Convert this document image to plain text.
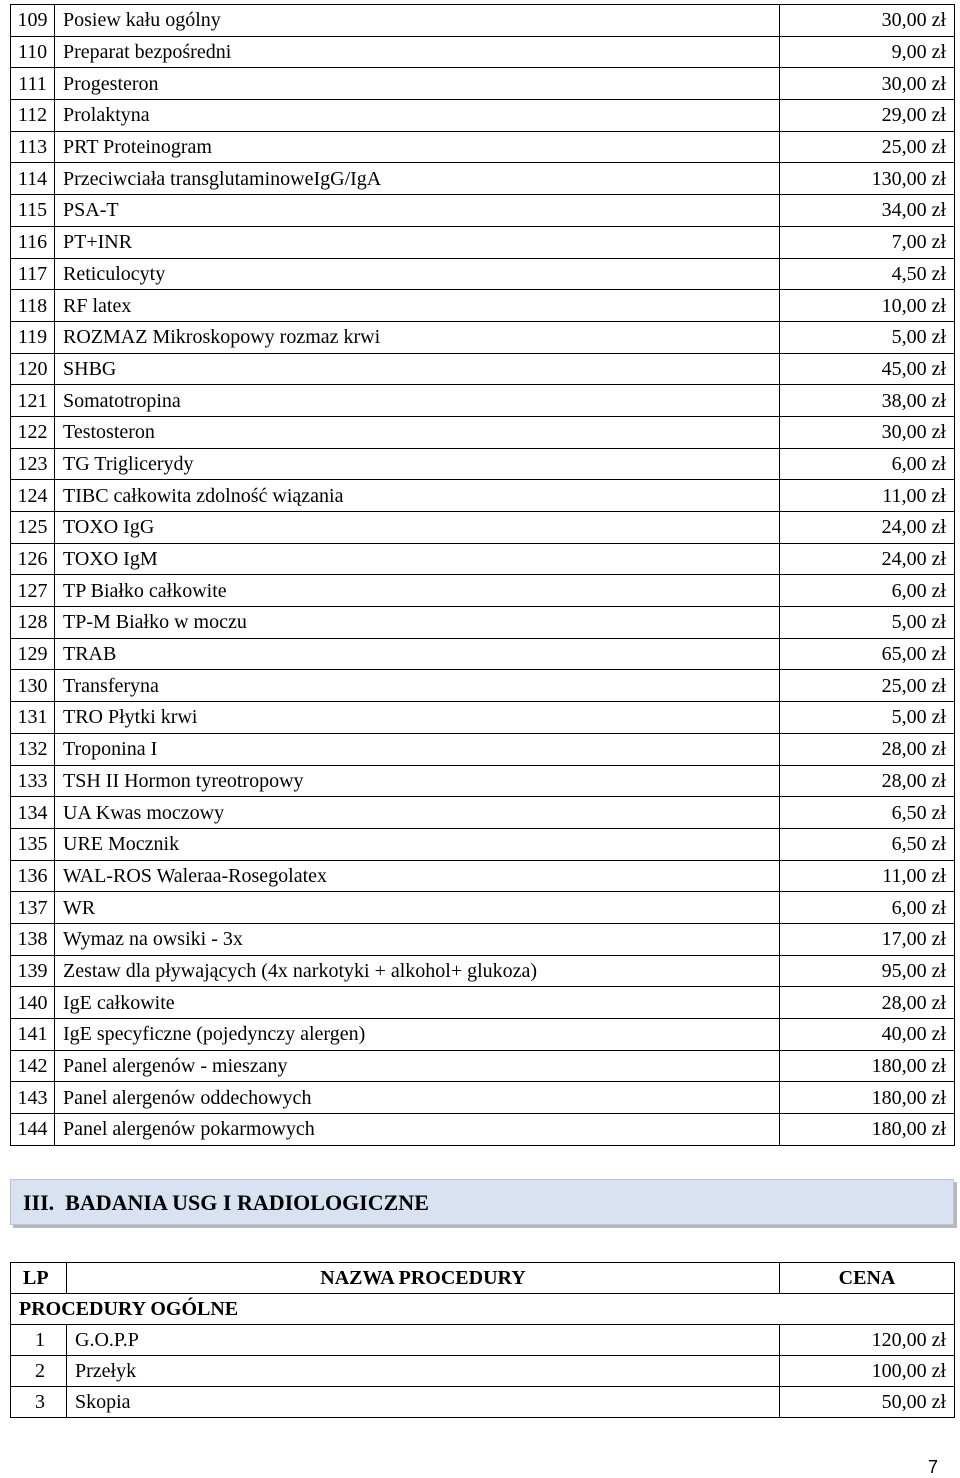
109	Posiew kału ogólny	30,00 zł
110	Preparat bezpośredni	9,00 zł
111	Progesteron	30,00 zł
112	Prolaktyna	29,00 zł
113	PRT Proteinogram	25,00 zł
114	Przeciwciała transglutaminoweIgG/IgA	130,00 zł
115	PSA-T	34,00 zł
116	PT+INR	7,00 zł
117	Reticulocyty	4,50 zł
118	RF latex	10,00 zł
119	ROZMAZ Mikroskopowy rozmaz krwi	5,00 zł
120	SHBG	45,00 zł
121	Somatotropina	38,00 zł
122	Testosteron	30,00 zł
123	TG Triglicerydy	6,00 zł
124	TIBC całkowita zdolność wiązania	11,00 zł
125	TOXO IgG	24,00 zł
126	TOXO IgM	24,00 zł
127	TP Białko całkowite	6,00 zł
128	TP-M Białko w moczu	5,00 zł
129	TRAB	65,00 zł
130	Transferyna	25,00 zł
131	TRO Płytki krwi	5,00 zł
132	Troponina I	28,00 zł
133	TSH II Hormon tyreotropowy	28,00 zł
134	UA Kwas moczowy	6,50 zł
135	URE Mocznik	6,50 zł
136	WAL-ROS Waleraa-Rosegolatex	11,00 zł
137	WR	6,00 zł
138	Wymaz na owsiki - 3x	17,00 zł
139	Zestaw dla pływających (4x narkotyki + alkohol+ glukoza)	95,00 zł
140	IgE całkowite	28,00 zł
141	IgE specyficzne (pojedynczy alergen)	40,00 zł
142	Panel alergenów - mieszany	180,00 zł
143	Panel alergenów oddechowych	180,00 zł
144	Panel alergenów pokarmowych	180,00 zł
III.  BADANIA USG I RADIOLOGICZNE
LP	NAZWA PROCEDURY	CENA
PROCEDURY OGÓLNE		
1	G.O.P.P	120,00 zł
2	Przełyk	100,00 zł
3	Skopia	50,00 zł
7
